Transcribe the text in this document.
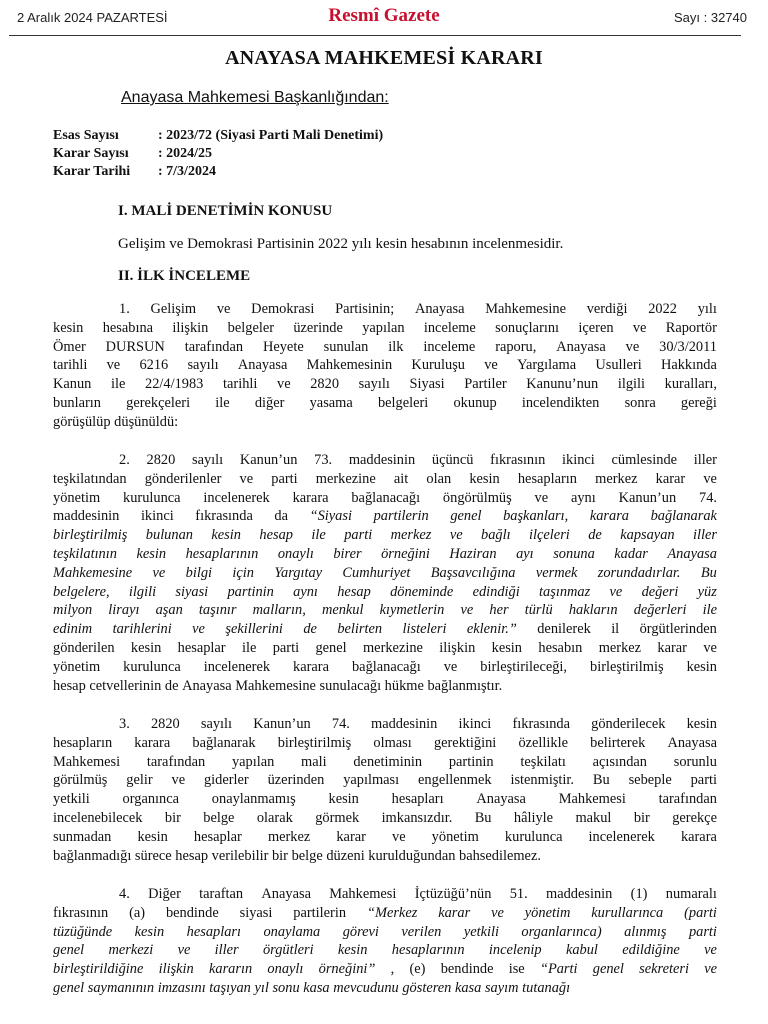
2 Aralık 2024 PAZARTESİ	Resmî Gazete	Sayı : 32740
ANAYASA MAHKEMESİ KARARI
Anayasa Mahkemesi Başkanlığından:
Esas Sayısı	: 2023/72 (Siyasi Parti Mali Denetimi)
Karar Sayısı	: 2024/25
Karar Tarihi	: 7/3/2024
I. MALİ DENETİMİN KONUSU
Gelişim ve Demokrasi Partisinin 2022 yılı kesin hesabının incelenmesidir.
II. İLK İNCELEME
1. Gelişim ve Demokrasi Partisinin; Anayasa Mahkemesine verdiği 2022 yılı
kesin hesabına ilişkin belgeler üzerinde yapılan inceleme sonuçlarını içeren ve Raportör
Ömer DURSUN tarafından Heyete sunulan ilk inceleme raporu, Anayasa ve 30/3/2011
tarihli ve 6216 sayılı Anayasa Mahkemesinin Kuruluşu ve Yargılama Usulleri Hakkında
Kanun ile 22/4/1983 tarihli ve 2820 sayılı Siyasi Partiler Kanunu’nun ilgili kuralları,
bunların gerekçeleri ile diğer yasama belgeleri okunup incelendikten sonra gereği
görüşülüp düşünüldü:
2. 2820 sayılı Kanun’un 73. maddesinin üçüncü fıkrasının ikinci cümlesinde iller
teşkilatından gönderilenler ve parti merkezine ait olan kesin hesapların merkez karar ve
yönetim kurulunca incelenerek karara bağlanacağı öngörülmüş ve aynı Kanun’un 74.
maddesinin ikinci fıkrasında da “Siyasi partilerin genel başkanları, karara bağlanarak
birleştirilmiş bulunan kesin hesap ile parti merkez ve bağlı ilçeleri de kapsayan iller
teşkilatının kesin hesaplarının onaylı birer örneğini Haziran ayı sonuna kadar Anayasa
Mahkemesine ve bilgi için Yargıtay Cumhuriyet Başsavcılığına vermek zorundadırlar. Bu
belgelere, ilgili siyasi partinin aynı hesap döneminde edindiği taşınmaz ve değeri yüz
milyon lirayı aşan taşınır malların, menkul kıymetlerin ve her türlü hakların değerleri ile
edinim tarihlerini ve şekillerini de belirten listeleri eklenir.” denilerek il örgütlerinden
gönderilen kesin hesaplar ile parti genel merkezine ilişkin kesin hesabın merkez karar ve
yönetim kurulunca incelenerek karara bağlanacağı ve birleştirileceği, birleştirilmiş kesin
hesap cetvellerinin de Anayasa Mahkemesine sunulacağı hükme bağlanmıştır.
3. 2820 sayılı Kanun’un 74. maddesinin ikinci fıkrasında gönderilecek kesin
hesapların karara bağlanarak birleştirilmiş olması gerektiğini özellikle belirterek Anayasa
Mahkemesi tarafından yapılan mali denetiminin partinin teşkilatı açısından sorunlu
görülmüş gelir ve giderler üzerinden yapılması engellenmek istenmiştir. Bu sebeple parti
yetkili organınca onaylanmamış kesin hesapları Anayasa Mahkemesi tarafından
incelenebilecek bir belge olarak görmek imkansızdır. Bu hâliyle makul bir gerekçe
sunmadan kesin hesaplar merkez karar ve yönetim kurulunca incelenerek karara
bağlanmadığı sürece hesap verilebilir bir belge düzeni kurulduğundan bahsedilemez.
4. Diğer taraftan Anayasa Mahkemesi İçtüzüğü’nün 51. maddesinin (1) numaralı
fıkrasının (a) bendinde siyasi partilerin “Merkez karar ve yönetim kurullarınca (parti
tüzüğünde kesin hesapları onaylama görevi verilen yetkili organlarınca) alınmış parti
genel merkezi ve iller örgütleri kesin hesaplarının incelenip kabul edildiğine ve
birleştirildiğine ilişkin kararın onaylı örneğini” , (e) bendinde ise “Parti genel sekreteri ve
genel saymanının imzasını taşıyan yıl sonu kasa mevcudunu gösteren kasa sayım tutanağı
